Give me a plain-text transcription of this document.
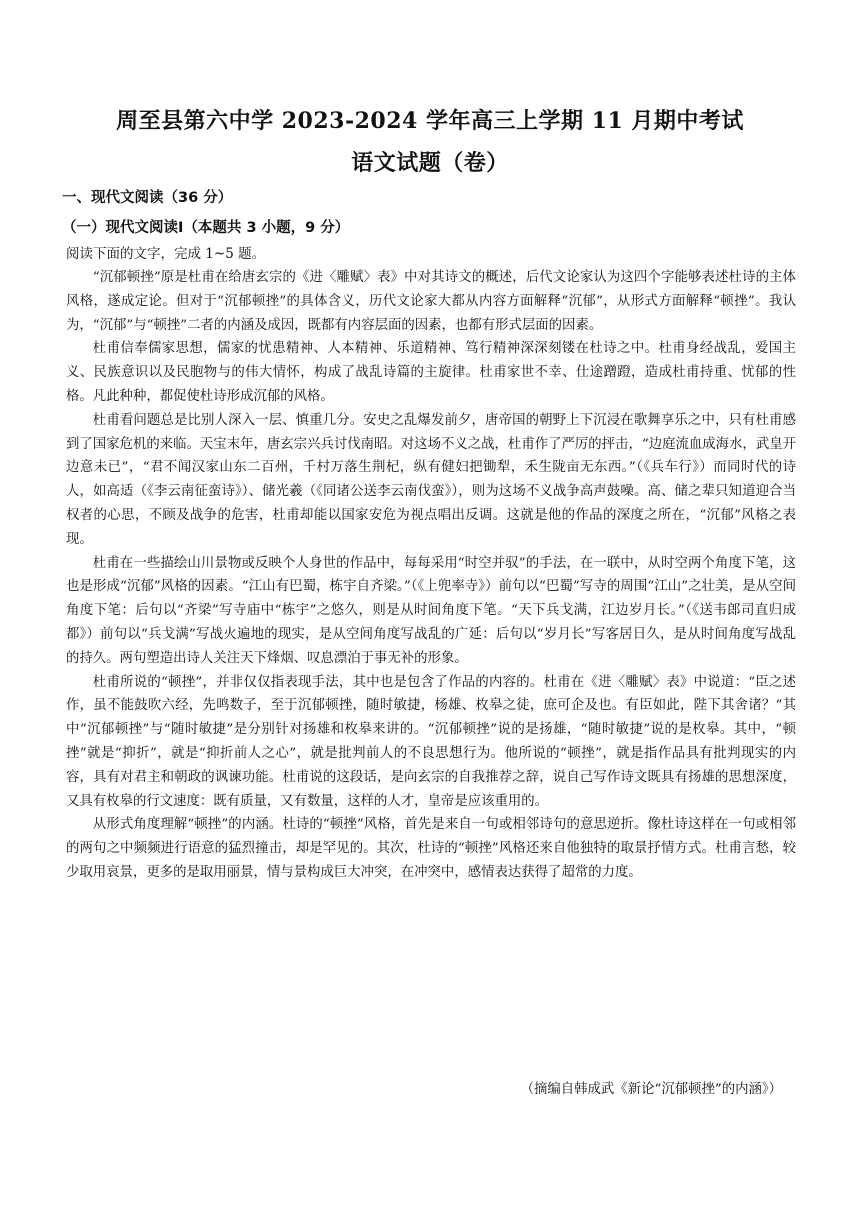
周至县第六中学 2023-2024 学年高三上学期 11 月期中考试
语文试题（卷）
一、现代文阅读（36 分）
（一）现代文阅读Ⅰ（本题共 3 小题，9 分）
阅读下面的文字，完成 1~5 题。

“沉郁顿挫”原是杜甫在给唐玄宗的《进〈雕赋〉表》中对其诗文的概述，后代文论家认为这四个字能够表述杜诗的主体风格，遂成定论。但对于“沉郁顿挫”的具体含义，历代文论家大都从内容方面解释“沉郁”，从形式方面解释“顿挫”。我认为，“沉郁”与“顿挫”二者的内涵及成因，既都有内容层面的因素，也都有形式层面的因素。

杜甫信奉儒家思想，儒家的忧患精神、人本精神、乐道精神、笃行精神深深刻镂在杜诗之中。杜甫身经战乱，爱国主义、民族意识以及民胞物与的伟大情怀，构成了战乱诗篇的主旋律。杜甫家世不幸、仕途蹭蹬，造成杜甫持重、忧郁的性格。凡此种种，都促使杜诗形成沉郁的风格。

杜甫看问题总是比别人深入一层、慎重几分。安史之乱爆发前夕，唐帝国的朝野上下沉浸在歌舞享乐之中，只有杜甫感到了国家危机的来临。天宝末年，唐玄宗兴兵讨伐南昭。对这场不义之战，杜甫作了严厉的抨击，“边庭流血成海水，武皇开边意未已”，“君不闻汉家山东二百州，千村万落生荆杞，纵有健妇把锄犁，禾生陇亩无东西。”（《兵车行》）而同时代的诗人，如高适（《李云南征蛮诗》）、储光羲（《同诸公送李云南伐蛮》），则为这场不义战争高声鼓噪。高、储之辈只知道迎合当权者的心思，不顾及战争的危害，杜甫却能以国家安危为视点唱出反调。这就是他的作品的深度之所在，“沉郁”风格之表现。

杜甫在一些描绘山川景物或反映个人身世的作品中，每每采用“时空并驭”的手法，在一联中，从时空两个角度下笔，这也是形成“沉郁”风格的因素。“江山有巴蜀，栋宇自齐梁。”（《上兜率寺》）前句以“巴蜀”写寺的周围“江山”之壮美，是从空间角度下笔：后句以“齐梁”写寺庙中“栋宇”之悠久，则是从时间角度下笔。“天下兵戈满，江边岁月长。”（《送韦郎司直归成都》）前句以“兵戈满”写战火遍地的现实，是从空间角度写战乱的广延：后句以“岁月长”写客居日久，是从时间角度写战乱的持久。两句塑造出诗人关注天下烽烟、叹息漂泊于事无补的形象。

杜甫所说的“顿挫”，并非仅仅指表现手法，其中也是包含了作品的内容的。杜甫在《进〈雕赋〉表》中说道：“臣之述作，虽不能鼓吹六经，先鸣数子，至于沉郁顿挫，随时敏捷，杨雄、枚皋之徒，庶可企及也。有臣如此，陛下其舍诸？”其中“沉郁顿挫”与“随时敏捷”是分别针对扬雄和枚皋来讲的。“沉郁顿挫”说的是扬雄，“随时敏捷”说的是枚皋。其中，“顿挫”就是“抑折”，就是“抑折前人之心”，就是批判前人的不良思想行为。他所说的“顿挫”，就是指作品具有批判现实的内容，具有对君主和朝政的讽谏功能。杜甫说的这段话，是向玄宗的自我推荐之辞，说自己写作诗文既具有扬雄的思想深度，又具有枚皋的行文速度：既有质量，又有数量，这样的人才，皇帝是应该重用的。

从形式角度理解“顿挫”的内涵。杜诗的“顿挫”风格，首先是来自一句或相邻诗句的意思逆折。像杜诗这样在一句或相邻的两句之中频频进行语意的猛烈撞击，却是罕见的。其次，杜诗的“顿挫”风格还来自他独特的取景抒情方式。杜甫言愁，较少取用哀景，更多的是取用丽景，情与景构成巨大冲突，在冲突中，感情表达获得了超常的力度。

（摘编自韩成武《新论“沉郁顿挫”的内涵》）
